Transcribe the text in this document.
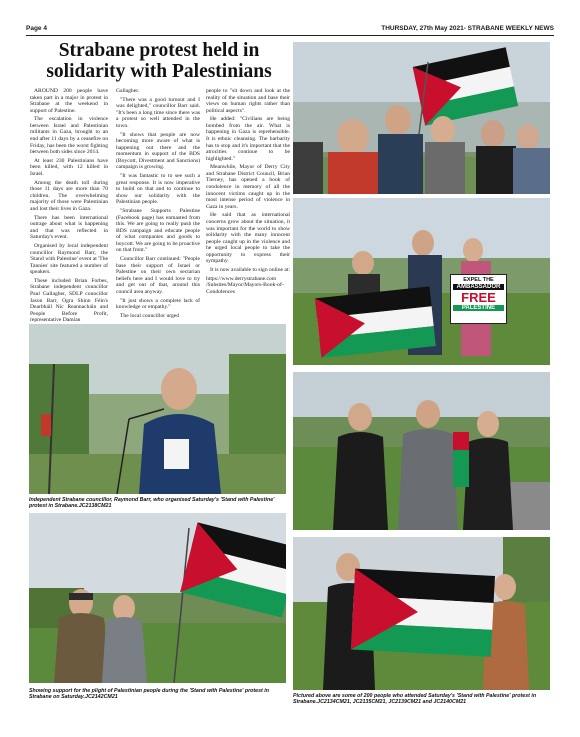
Page 4	THURSDAY, 27th May 2021- STRABANE WEEKLY NEWS
Strabane protest held in solidarity with Palestinians

AROUND 200 people have taken part in a major in protest in Strabane at the weekend in support of Palestine.

The escalation in violence between Israel and Palestinian militants in Gaza, brought to an end after 11 days by a ceasefire on Friday, has been the worst fighting between both sides since 2014.

At least 230 Palestinians have been killed, with 12 killed in Israel.

Among the death toll during those 11 days are more than 70 children. The overwhelming majority of those were Palestinian and lost their lives in Gaza.

There has been international outrage about what is happening and that was reflected in Saturday's event.

Organised by local independent councillor Raymond Barr, the 'Stand with Palestine' event at 'The Tannies' site featured a number of speakers.

These included Brian Forbes, Strabane independent councillor Paul Gallagher, SDLP councillor Jason Barr, Ogra Shinn Féin's Dearbháil Nic Reannacháin and People Before Profit, representative Damian

Gallagher.

"There was a good turnout and I was delighted," councillor Barr said. "It's been a long time since there was a protest so well attended in the town.

"It shows that people are now becoming more aware of what is happening out there and the momentum in support of the BDS (Boycott, Divestment and Sanctions) campaign is growing.

"It was fantastic to to see such a great response. It is now imperative to build on that and to continue to show our solidarity with the Palestinian people.

"Strabane Supports Palestine (Facebook page) has enmasted from this. We are going to really push the BDS campaign and educate people of what companies and goods to boycott. We are going to be proactive on that front."

Councillor Barr continued: "People base their support of Israel or Palestine on their own sectarian beliefs here and I would love to try and get out of that, around this council area anyway.

"It just shows a complete lack of knowledge or empathy."

The local councillor urged

people to "sit down and look at the reality of the situation and base their views on human rights rather than political aspects".

He added: "Civilians are being bombed from the air. What is happening in Gaza is reprehensible. It is ethnic cleansing. The barbarity has to stop and it's important that the atrocities continue to be highlighted."

Meanwhile, Mayor of Derry City and Strabane District Council, Brian Tierney, has opened a book of condolence in memory of all the innocent victims caught up in the most intense period of violence in Gaza in years.

He said that as international concerns grow about the situation, it was important for the world to show solidarity with the many innocent people caught up in the violence and he urged local people to take the opportunity to express their sympathy.

It is now available to sign online at:

https://www.derrystrabane.com /Subsites/Mayor/Mayors-Book-of-Condolences

EXPEL THE
AMBASSADOR
FREE
PALESTINE
Independent Strabane councillor, Raymond Barr, who organised Saturday's 'Stand with Palestine' protest in Strabane.JC2138CM21
Showing support for the plight of Palestinian people during the 'Stand with Palestine' protest in Strabane on Saturday.JC2142CM21	Pictured above are some of 200 people who attended Saturday's 'Stand with Palestine' protest in Strabane.JC2134CM21, JC2135CM21, JC2139CM21 and JC2140CM21
